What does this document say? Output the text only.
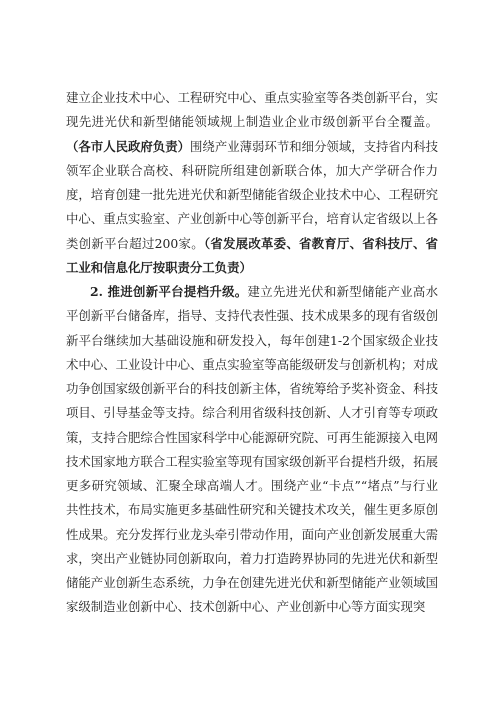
建立企业技术中心、工程研究中心、重点实验室等各类创新平台，实现先进光伏和新型储能领域规上制造业企业市级创新平台全覆盖。（各市人民政府负责）围绕产业薄弱环节和细分领域，支持省内科技领军企业联合高校、科研院所组建创新联合体，加大产学研合作力度，培育创建一批先进光伏和新型储能省级企业技术中心、工程研究中心、重点实验室、产业创新中心等创新平台，培育认定省级以上各类创新平台超过200家。（省发展改革委、省教育厅、省科技厅、省工业和信息化厅按职责分工负责）

2. 推进创新平台提档升级。建立先进光伏和新型储能产业高水平创新平台储备库，指导、支持代表性强、技术成果多的现有省级创新平台继续加大基础设施和研发投入，每年创建1-2个国家级企业技术中心、工业设计中心、重点实验室等高能级研发与创新机构；对成功争创国家级创新平台的科技创新主体，省统筹给予奖补资金、科技项目、引导基金等支持。综合利用省级科技创新、人才引育等专项政策，支持合肥综合性国家科学中心能源研究院、可再生能源接入电网技术国家地方联合工程实验室等现有国家级创新平台提档升级，拓展更多研究领域、汇聚全球高端人才。围绕产业“卡点”“堵点”与行业共性技术，布局实施更多基础性研究和关键技术攻关，催生更多原创性成果。充分发挥行业龙头牵引带动作用，面向产业创新发展重大需求，突出产业链协同创新取向，着力打造跨界协同的先进光伏和新型储能产业创新生态系统，力争在创建先进光伏和新型储能产业领域国家级制造业创新中心、技术创新中心、产业创新中心等方面实现突
